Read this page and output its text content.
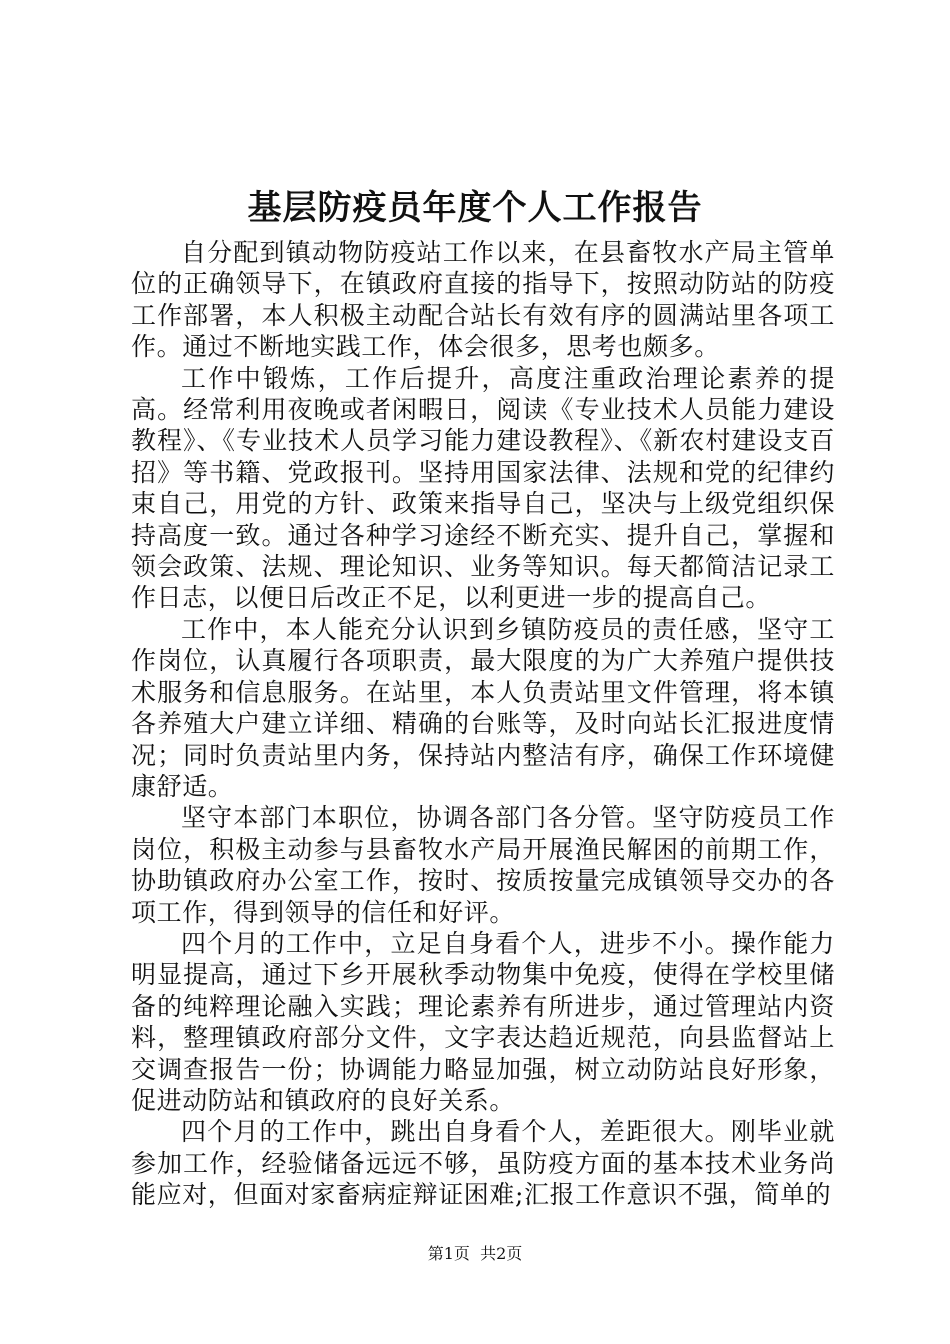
基层防疫员年度个人工作报告

自分配到镇动物防疫站工作以来，在县畜牧水产局主管单位的正确领导下，在镇政府直接的指导下，按照动防站的防疫工作部署，本人积极主动配合站长有效有序的圆满站里各项工作。通过不断地实践工作，体会很多，思考也颇多。

工作中锻炼，工作后提升，高度注重政治理论素养的提高。经常利用夜晚或者闲暇日，阅读《专业技术人员能力建设教程》、《专业技术人员学习能力建设教程》、《新农村建设支百招》等书籍、党政报刊。坚持用国家法律、法规和党的纪律约束自己，用党的方针、政策来指导自己，坚决与上级党组织保持高度一致。通过各种学习途经不断充实、提升自己，掌握和领会政策、法规、理论知识、业务等知识。每天都简洁记录工作日志，以便日后改正不足，以利更进一步的提高自己。

工作中，本人能充分认识到乡镇防疫员的责任感，坚守工作岗位，认真履行各项职责，最大限度的为广大养殖户提供技术服务和信息服务。在站里，本人负责站里文件管理，将本镇各养殖大户建立详细、精确的台账等，及时向站长汇报进度情况；同时负责站里内务，保持站内整洁有序，确保工作环境健康舒适。

坚守本部门本职位，协调各部门各分管。坚守防疫员工作岗位，积极主动参与县畜牧水产局开展渔民解困的前期工作，协助镇政府办公室工作，按时、按质按量完成镇领导交办的各项工作，得到领导的信任和好评。

四个月的工作中，立足自身看个人，进步不小。操作能力明显提高，通过下乡开展秋季动物集中免疫，使得在学校里储备的纯粹理论融入实践；理论素养有所进步，通过管理站内资料，整理镇政府部分文件，文字表达趋近规范，向县监督站上交调查报告一份；协调能力略显加强，树立动防站良好形象，促进动防站和镇政府的良好关系。

四个月的工作中，跳出自身看个人，差距很大。刚毕业就参加工作，经验储备远远不够，虽防疫方面的基本技术业务尚能应对，但面对家畜病症辩证困难;汇报工作意识不强，简单的

第1页 共2页
